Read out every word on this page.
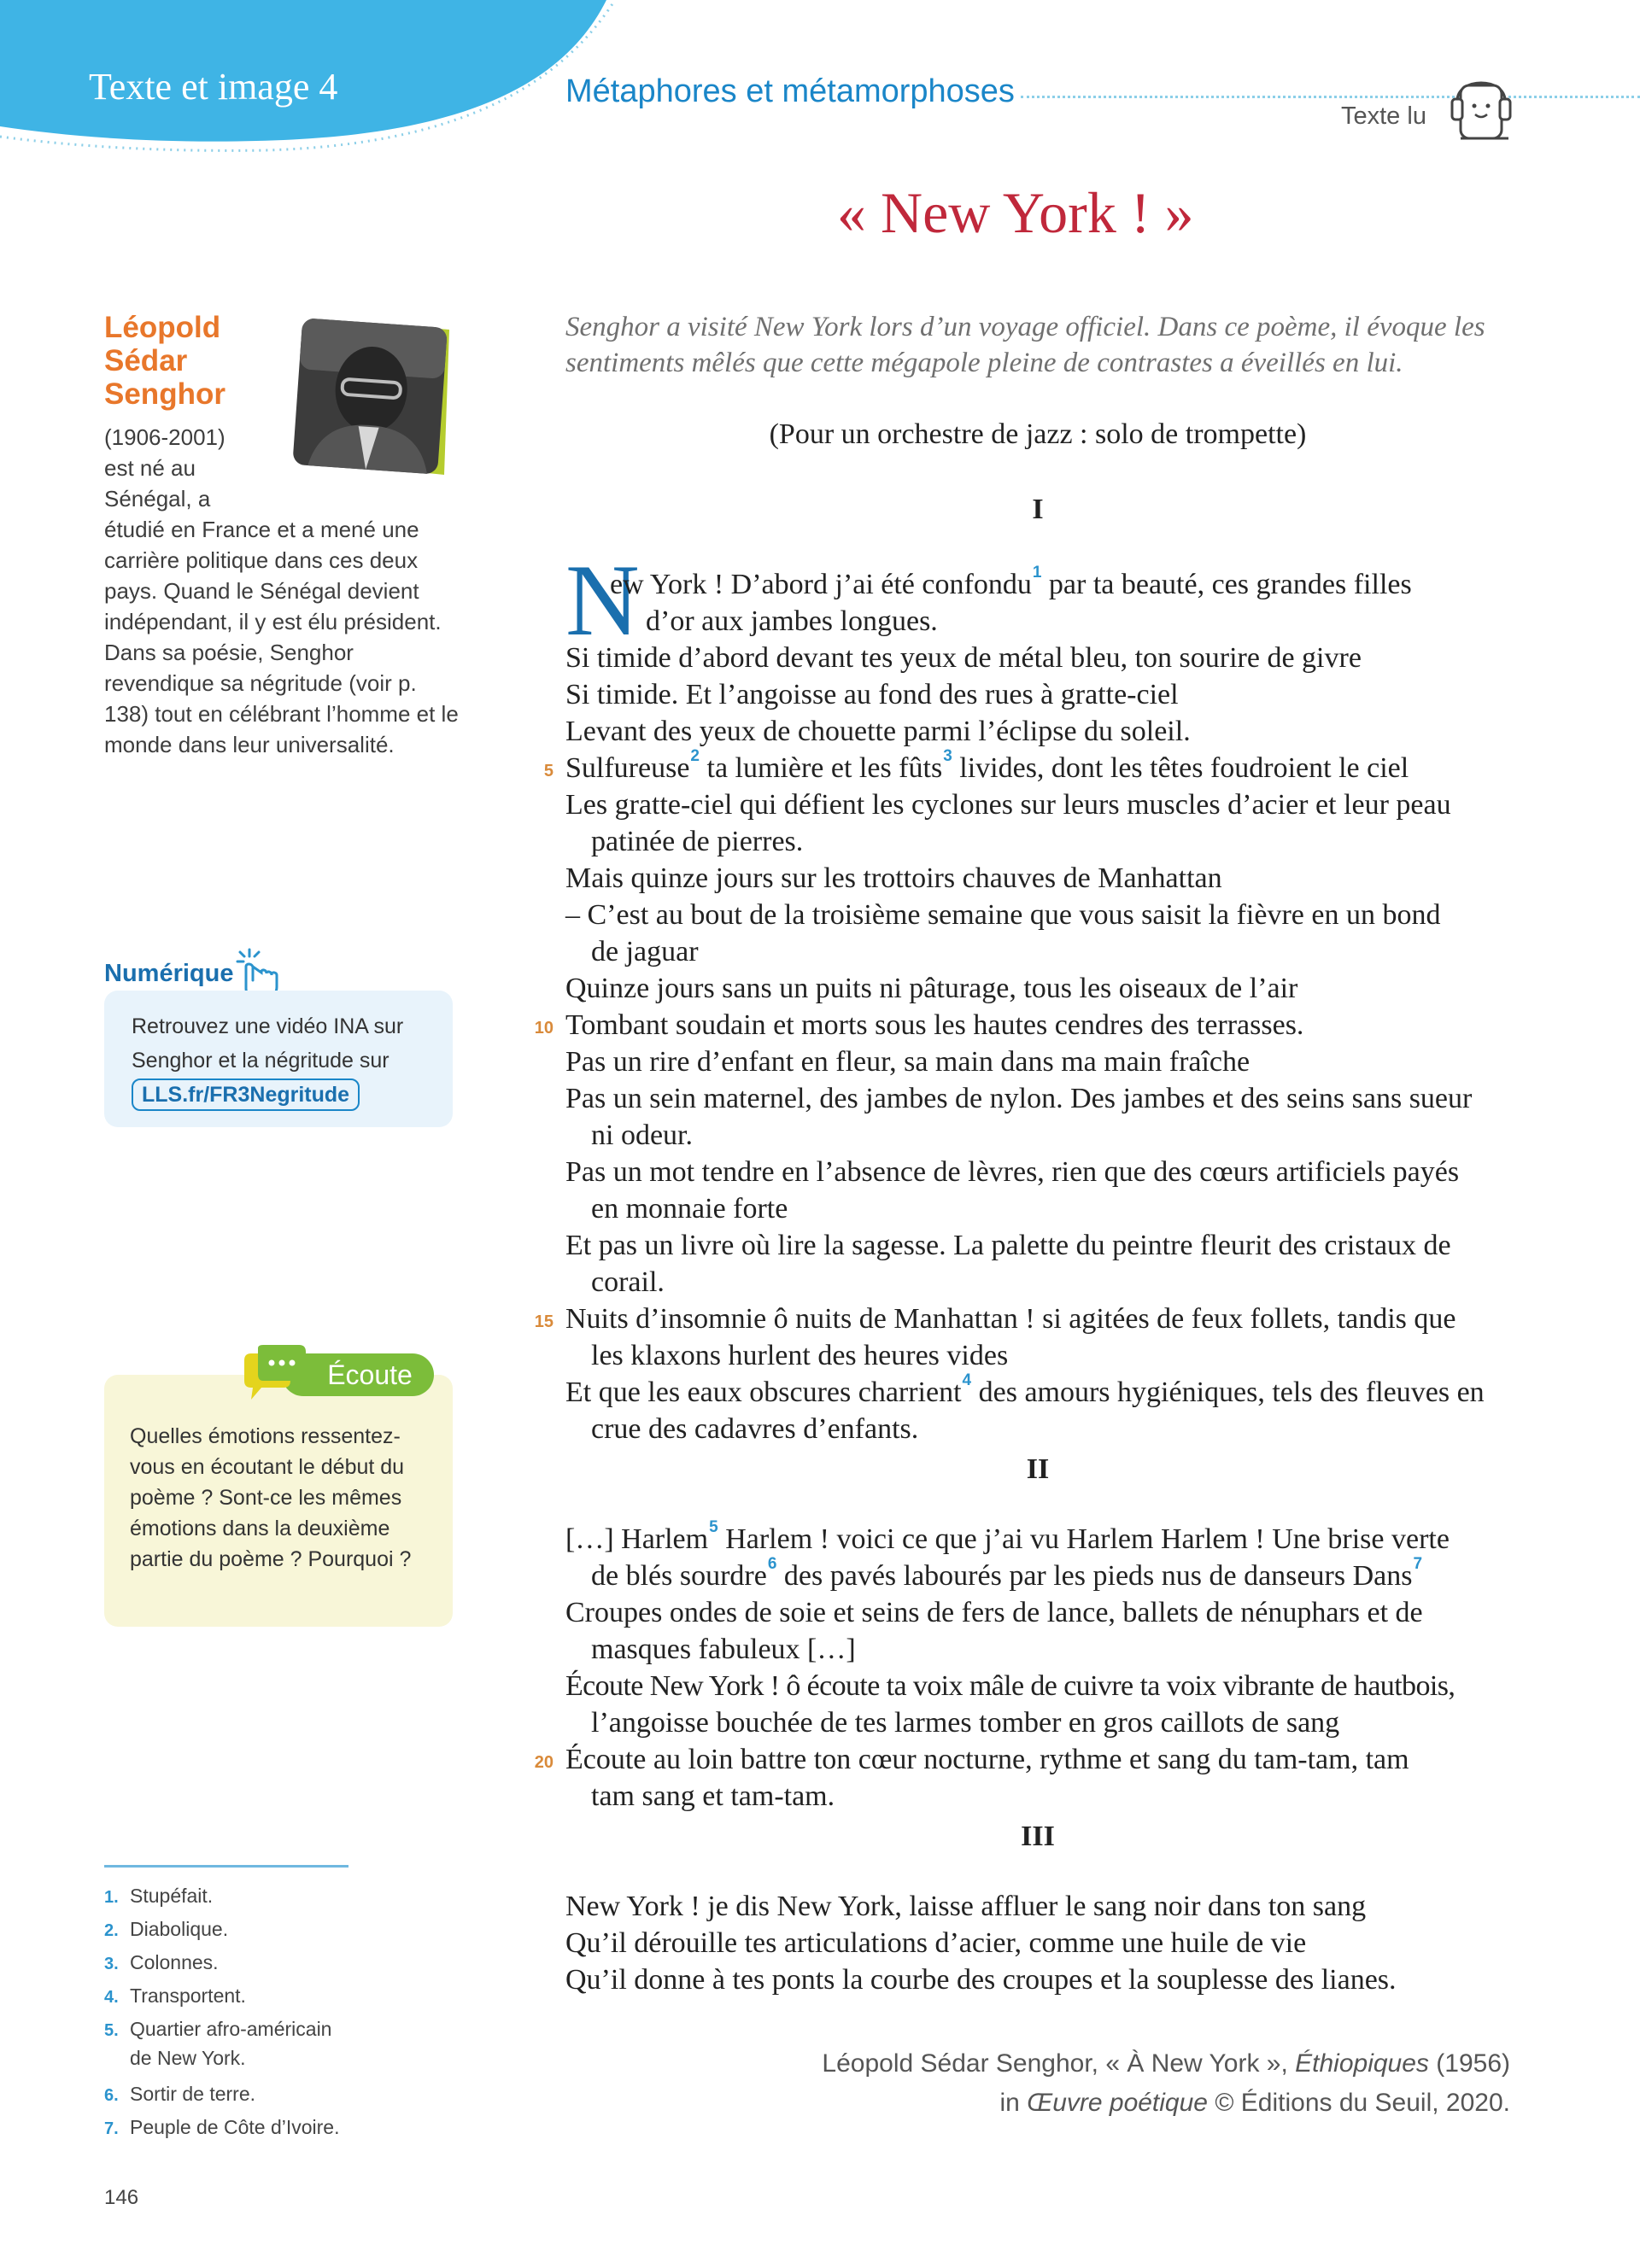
Texte et image 4	Métaphores et métamorphoses
Texte lu
« New York ! »
Léopold Sédar Senghor
(1906-2001) est né au Sénégal, a
étudié en France et a mené une carrière politique dans ces deux pays. Quand le Sénégal devient indépendant, il y est élu président. Dans sa poésie, Senghor revendique sa négritude (voir p. 138) tout en célébrant l’homme et le monde dans leur universalité.
Numérique
Retrouvez une vidéo INA sur Senghor et la négritude sur LLS.fr/FR3Negritude
Écoute
Quelles émotions ressentez-vous en écoutant le début du poème ? Sont-ce les mêmes émotions dans la deuxième partie du poème ? Pourquoi ?
1. Stupéfait.
2. Diabolique.
3. Colonnes.
4. Transportent.
5. Quartier afro-américain
de New York.
6. Sortir de terre.
7. Peuple de Côte d’Ivoire.
146
Senghor a visité New York lors d’un voyage officiel. Dans ce poème, il évoque les sentiments mêlés que cette mégapole pleine de contrastes a éveillés en lui.
(Pour un orchestre de jazz : solo de trompette)
I
N
ew York ! D’abord j’ai été confondu$^1$ par ta beauté, ces grandes filles
d’or aux jambes longues.
Si timide d’abord devant tes yeux de métal bleu, ton sourire de givre
Si timide. Et l’angoisse au fond des rues à gratte-ciel
Levant des yeux de chouette parmi l’éclipse du soleil.
5 Sulfureuse$^2$ ta lumière et les fûts$^3$ livides, dont les têtes foudroient le ciel
Les gratte-ciel qui défient les cyclones sur leurs muscles d’acier et leur peau
patinée de pierres.
Mais quinze jours sur les trottoirs chauves de Manhattan
– C’est au bout de la troisième semaine que vous saisit la fièvre en un bond
de jaguar
Quinze jours sans un puits ni pâturage, tous les oiseaux de l’air
10 Tombant soudain et morts sous les hautes cendres des terrasses.
Pas un rire d’enfant en fleur, sa main dans ma main fraîche
Pas un sein maternel, des jambes de nylon. Des jambes et des seins sans sueur
ni odeur.
Pas un mot tendre en l’absence de lèvres, rien que des cœurs artificiels payés
en monnaie forte
Et pas un livre où lire la sagesse. La palette du peintre fleurit des cristaux de
corail.
15 Nuits d’insomnie ô nuits de Manhattan ! si agitées de feux follets, tandis que
les klaxons hurlent des heures vides
Et que les eaux obscures charrient$^4$ des amours hygiéniques, tels des fleuves en
crue des cadavres d’enfants.
II
[…] Harlem$^5$ Harlem ! voici ce que j’ai vu Harlem Harlem ! Une brise verte
de blés sourdre$^6$ des pavés labourés par les pieds nus de danseurs Dans$^7$
Croupes ondes de soie et seins de fers de lance, ballets de nénuphars et de
masques fabuleux […]
Écoute New York ! ô écoute ta voix mâle de cuivre ta voix vibrante de hautbois,
l’angoisse bouchée de tes larmes tomber en gros caillots de sang
20 Écoute au loin battre ton cœur nocturne, rythme et sang du tam-tam, tam
tam sang et tam-tam.
III
New York ! je dis New York, laisse affluer le sang noir dans ton sang
Qu’il dérouille tes articulations d’acier, comme une huile de vie
Qu’il donne à tes ponts la courbe des croupes et la souplesse des lianes.
Léopold Sédar Senghor, « À New York », Éthiopiques (1956)
in Œuvre poétique © Éditions du Seuil, 2020.
